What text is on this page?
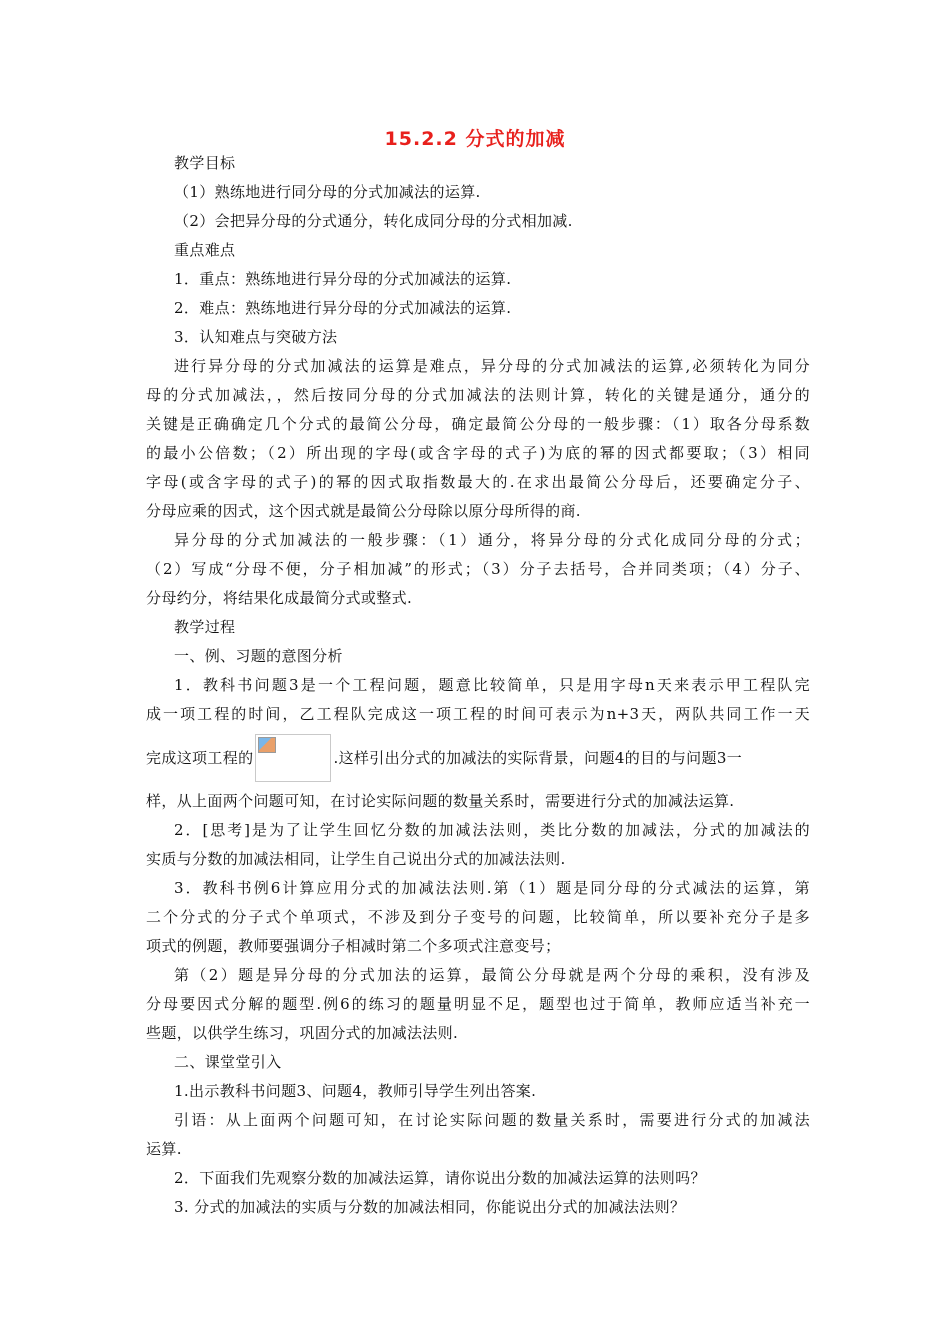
15.2.2 分式的加减

教学目标

（1）熟练地进行同分母的分式加减法的运算.

（2）会把异分母的分式通分，转化成同分母的分式相加减.

重点难点

1．重点：熟练地进行异分母的分式加减法的运算.

2．难点：熟练地进行异分母的分式加减法的运算.

3．认知难点与突破方法

进行异分母的分式加减法的运算是难点，异分母的分式加减法的运算,必须转化为同分

母的分式加减法，，然后按同分母的分式加减法的法则计算，转化的关键是通分，通分的

关键是正确确定几个分式的最简公分母，确定最简公分母的一般步骤：（1）取各分母系数

的最小公倍数；（2）所出现的字母(或含字母的式子)为底的幂的因式都要取；（3）相同

字母(或含字母的式子)的幂的因式取指数最大的.在求出最简公分母后，还要确定分子、

分母应乘的因式，这个因式就是最简公分母除以原分母所得的商.

异分母的分式加减法的一般步骤：（1）通分，将异分母的分式化成同分母的分式；

（2）写成“分母不便，分子相加减”的形式；（3）分子去括号，合并同类项；（4）分子、

分母约分，将结果化成最简分式或整式.

教学过程

一、例、习题的意图分析

1．教科书问题3是一个工程问题，题意比较简单，只是用字母n天来表示甲工程队完

成一项工程的时间，乙工程队完成这一项工程的时间可表示为n+3天，两队共同工作一天

完成这项工程的	.这样引出分式的加减法的实际背景，问题4的目的与问题3一

样，从上面两个问题可知，在讨论实际问题的数量关系时，需要进行分式的加减法运算.

2．[思考]是为了让学生回忆分数的加减法法则，类比分数的加减法，分式的加减法的

实质与分数的加减法相同，让学生自己说出分式的加减法法则.

3．教科书例6计算应用分式的加减法法则.第（1）题是同分母的分式减法的运算，第

二个分式的分子式个单项式，不涉及到分子变号的问题，比较简单，所以要补充分子是多

项式的例题，教师要强调分子相减时第二个多项式注意变号；

第（2）题是异分母的分式加法的运算，最简公分母就是两个分母的乘积，没有涉及

分母要因式分解的题型.例6的练习的题量明显不足，题型也过于简单，教师应适当补充一

些题，以供学生练习，巩固分式的加减法法则.

二、课堂堂引入

1.出示教科书问题3、问题4，教师引导学生列出答案.

引语：从上面两个问题可知，在讨论实际问题的数量关系时，需要进行分式的加减法

运算.

2．下面我们先观察分数的加减法运算，请你说出分数的加减法运算的法则吗？

3. 分式的加减法的实质与分数的加减法相同，你能说出分式的加减法法则？
